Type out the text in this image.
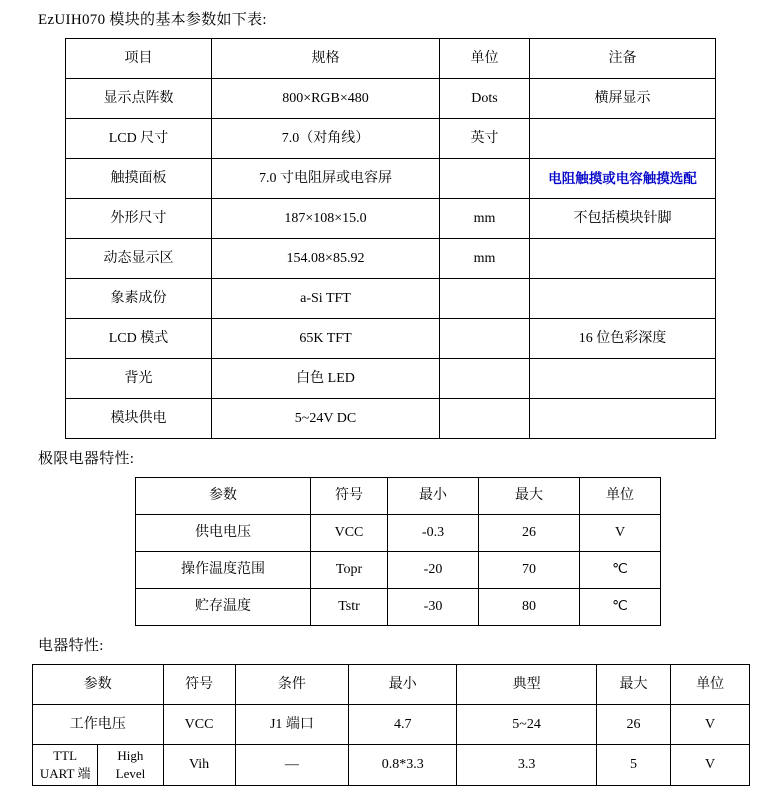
EzUIH070 模块的基本参数如下表:
项目	规格	单位	注备
显示点阵数	800×RGB×480	Dots	横屏显示
LCD 尺寸	7.0（对角线）	英寸	
触摸面板	7.0 寸电阻屏或电容屏		电阻触摸或电容触摸选配
外形尺寸	187×108×15.0	mm	不包括模块针脚
动态显示区	154.08×85.92	mm	
象素成份	a-Si TFT		
LCD 模式	65K TFT		16 位色彩深度
背光	白色 LED		
模块供电	5~24V DC		
极限电器特性:
参数	符号	最小	最大	单位
供电电压	VCC	-0.3	26	V
操作温度范围	Topr	-20	70	℃
贮存温度	Tstr	-30	80	℃
电器特性:
参数		符号	条件	最小	典型	最大	单位
工作电压		VCC	J1 端口	4.7	5~24	26	V
TTL UART 端	High Level	Vih	—	0.8*3.3	3.3	5	V
